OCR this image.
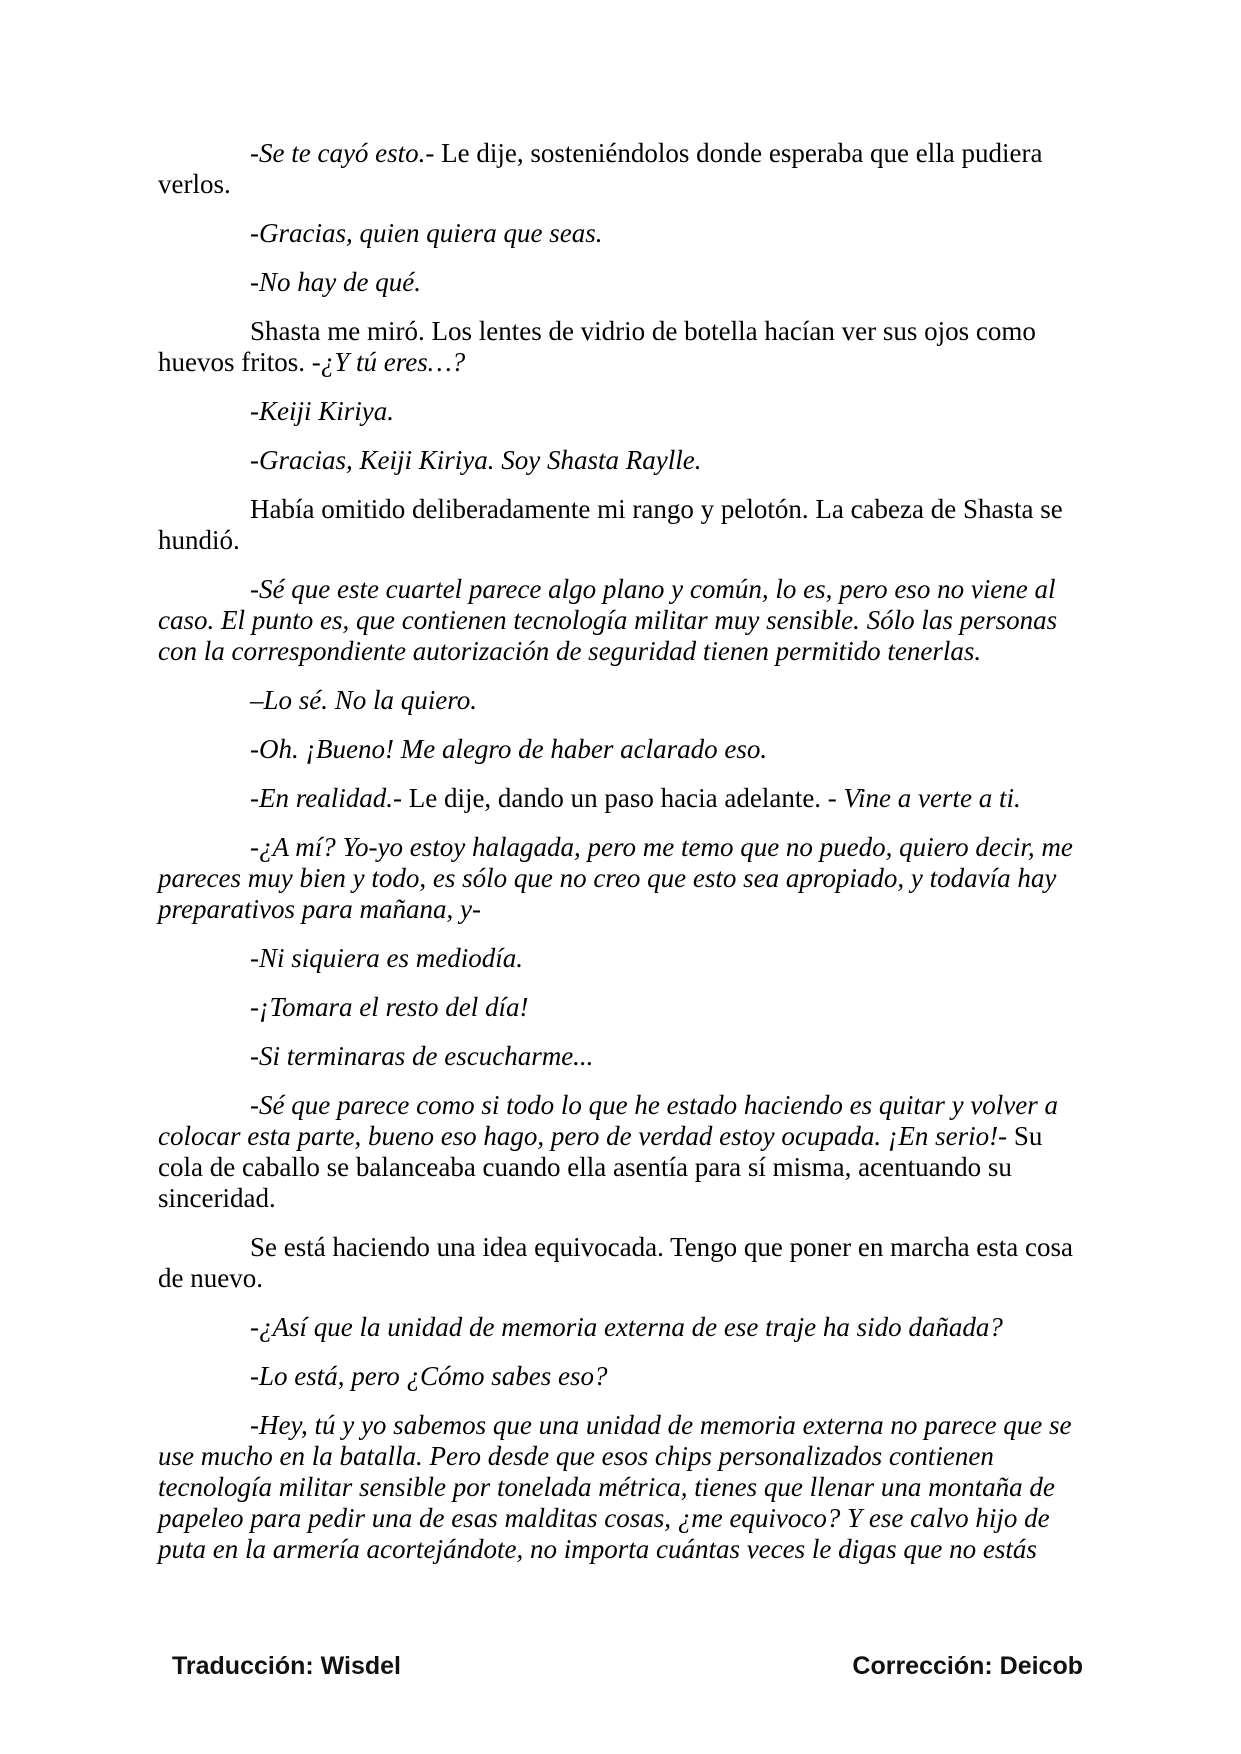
-Se te cayó esto.- Le dije, sosteniéndolos donde esperaba que ella pudiera verlos.

-Gracias, quien quiera que seas.

-No hay de qué.

Shasta me miró. Los lentes de vidrio de botella hacían ver sus ojos como huevos fritos. -¿Y tú eres…?

-Keiji Kiriya.

-Gracias, Keiji Kiriya. Soy Shasta Raylle.

Había omitido deliberadamente mi rango y pelotón. La cabeza de Shasta se hundió.

-Sé que este cuartel parece algo plano y común, lo es, pero eso no viene al caso. El punto es, que contienen tecnología militar muy sensible. Sólo las personas con la correspondiente autorización de seguridad tienen permitido tenerlas.

–Lo sé. No la quiero.

-Oh. ¡Bueno! Me alegro de haber aclarado eso.

-En realidad.- Le dije, dando un paso hacia adelante. - Vine a verte a ti.

-¿A mí? Yo-yo estoy halagada, pero me temo que no puedo, quiero decir, me pareces muy bien y todo, es sólo que no creo que esto sea apropiado, y todavía hay preparativos para mañana, y-

-Ni siquiera es mediodía.

-¡Tomara el resto del día!

-Si terminaras de escucharme...

-Sé que parece como si todo lo que he estado haciendo es quitar y volver a colocar esta parte, bueno eso hago, pero de verdad estoy ocupada. ¡En serio!- Su cola de caballo se balanceaba cuando ella asentía para sí misma, acentuando su sinceridad.

Se está haciendo una idea equivocada. Tengo que poner en marcha esta cosa de nuevo.

-¿Así que la unidad de memoria externa de ese traje ha sido dañada?

-Lo está, pero ¿Cómo sabes eso?

-Hey, tú y yo sabemos que una unidad de memoria externa no parece que se use mucho en la batalla. Pero desde que esos chips personalizados contienen tecnología militar sensible por tonelada métrica, tienes que llenar una montaña de papeleo para pedir una de esas malditas cosas, ¿me equivoco? Y ese calvo hijo de puta en la armería acortejándote, no importa cuántas veces le digas que no estás

Traducción: Wisdel	Corrección: Deicob
